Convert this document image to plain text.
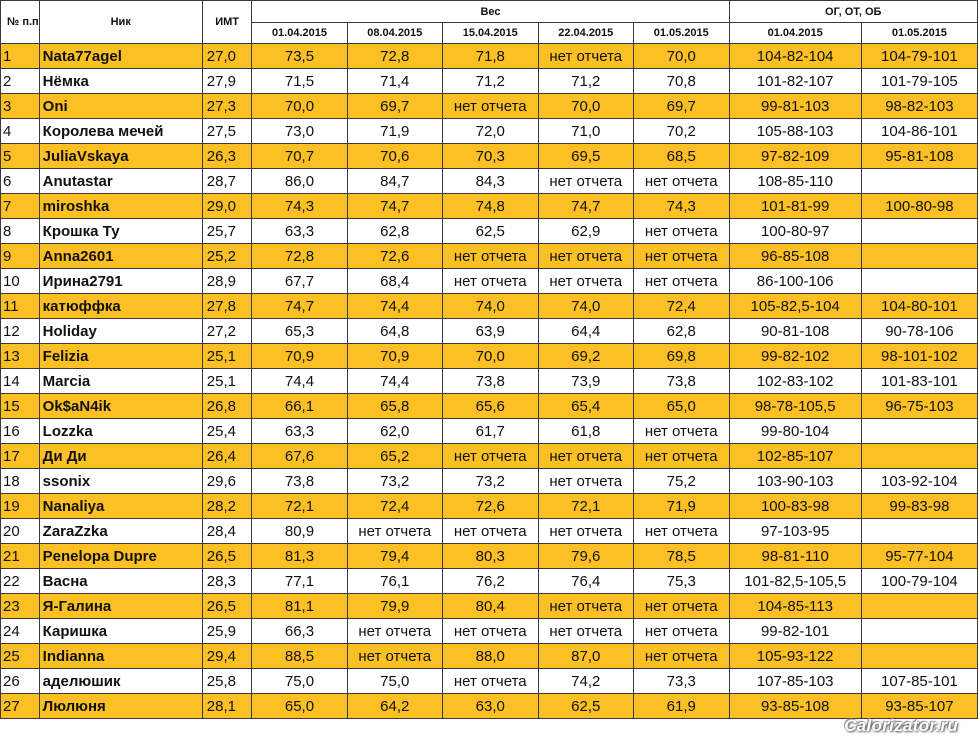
№ п.п	Ник	ИМТ	Вес					ОГ, ОТ, ОБ	
			01.04.2015	08.04.2015	15.04.2015	22.04.2015	01.05.2015	01.04.2015	01.05.2015
1	Nata77agel	27,0	73,5	72,8	71,8	нет отчета	70,0	104-82-104	104-79-101
2	Нёмка	27,9	71,5	71,4	71,2	71,2	70,8	101-82-107	101-79-105
3	Oni	27,3	70,0	69,7	нет отчета	70,0	69,7	99-81-103	98-82-103
4	Королева мечей	27,5	73,0	71,9	72,0	71,0	70,2	105-88-103	104-86-101
5	JuliaVskaya	26,3	70,7	70,6	70,3	69,5	68,5	97-82-109	95-81-108
6	Anutastar	28,7	86,0	84,7	84,3	нет отчета	нет отчета	108-85-110	
7	miroshka	29,0	74,3	74,7	74,8	74,7	74,3	101-81-99	100-80-98
8	Крошка Ту	25,7	63,3	62,8	62,5	62,9	нет отчета	100-80-97	
9	Anna2601	25,2	72,8	72,6	нет отчета	нет отчета	нет отчета	96-85-108	
10	Ирина2791	28,9	67,7	68,4	нет отчета	нет отчета	нет отчета	86-100-106	
11	катюффка	27,8	74,7	74,4	74,0	74,0	72,4	105-82,5-104	104-80-101
12	Holiday	27,2	65,3	64,8	63,9	64,4	62,8	90-81-108	90-78-106
13	Felizia	25,1	70,9	70,9	70,0	69,2	69,8	99-82-102	98-101-102
14	Marcia	25,1	74,4	74,4	73,8	73,9	73,8	102-83-102	101-83-101
15	Ok$aN4ik	26,8	66,1	65,8	65,6	65,4	65,0	98-78-105,5	96-75-103
16	Lozzka	25,4	63,3	62,0	61,7	61,8	нет отчета	99-80-104	
17	Ди Ди	26,4	67,6	65,2	нет отчета	нет отчета	нет отчета	102-85-107	
18	ssonix	29,6	73,8	73,2	73,2	нет отчета	75,2	103-90-103	103-92-104
19	Nanaliya	28,2	72,1	72,4	72,6	72,1	71,9	100-83-98	99-83-98
20	ZaraZzka	28,4	80,9	нет отчета	нет отчета	нет отчета	нет отчета	97-103-95	
21	Penelopa Dupre	26,5	81,3	79,4	80,3	79,6	78,5	98-81-110	95-77-104
22	Васна	28,3	77,1	76,1	76,2	76,4	75,3	101-82,5-105,5	100-79-104
23	Я-Галина	26,5	81,1	79,9	80,4	нет отчета	нет отчета	104-85-113	
24	Каришка	25,9	66,3	нет отчета	нет отчета	нет отчета	нет отчета	99-82-101	
25	Indianna	29,4	88,5	нет отчета	88,0	87,0	нет отчета	105-93-122	
26	аделюшик	25,8	75,0	75,0	нет отчета	74,2	73,3	107-85-103	107-85-101
27	Люлюня	28,1	65,0	64,2	63,0	62,5	61,9	93-85-108	93-85-107
Calorizator.ru
